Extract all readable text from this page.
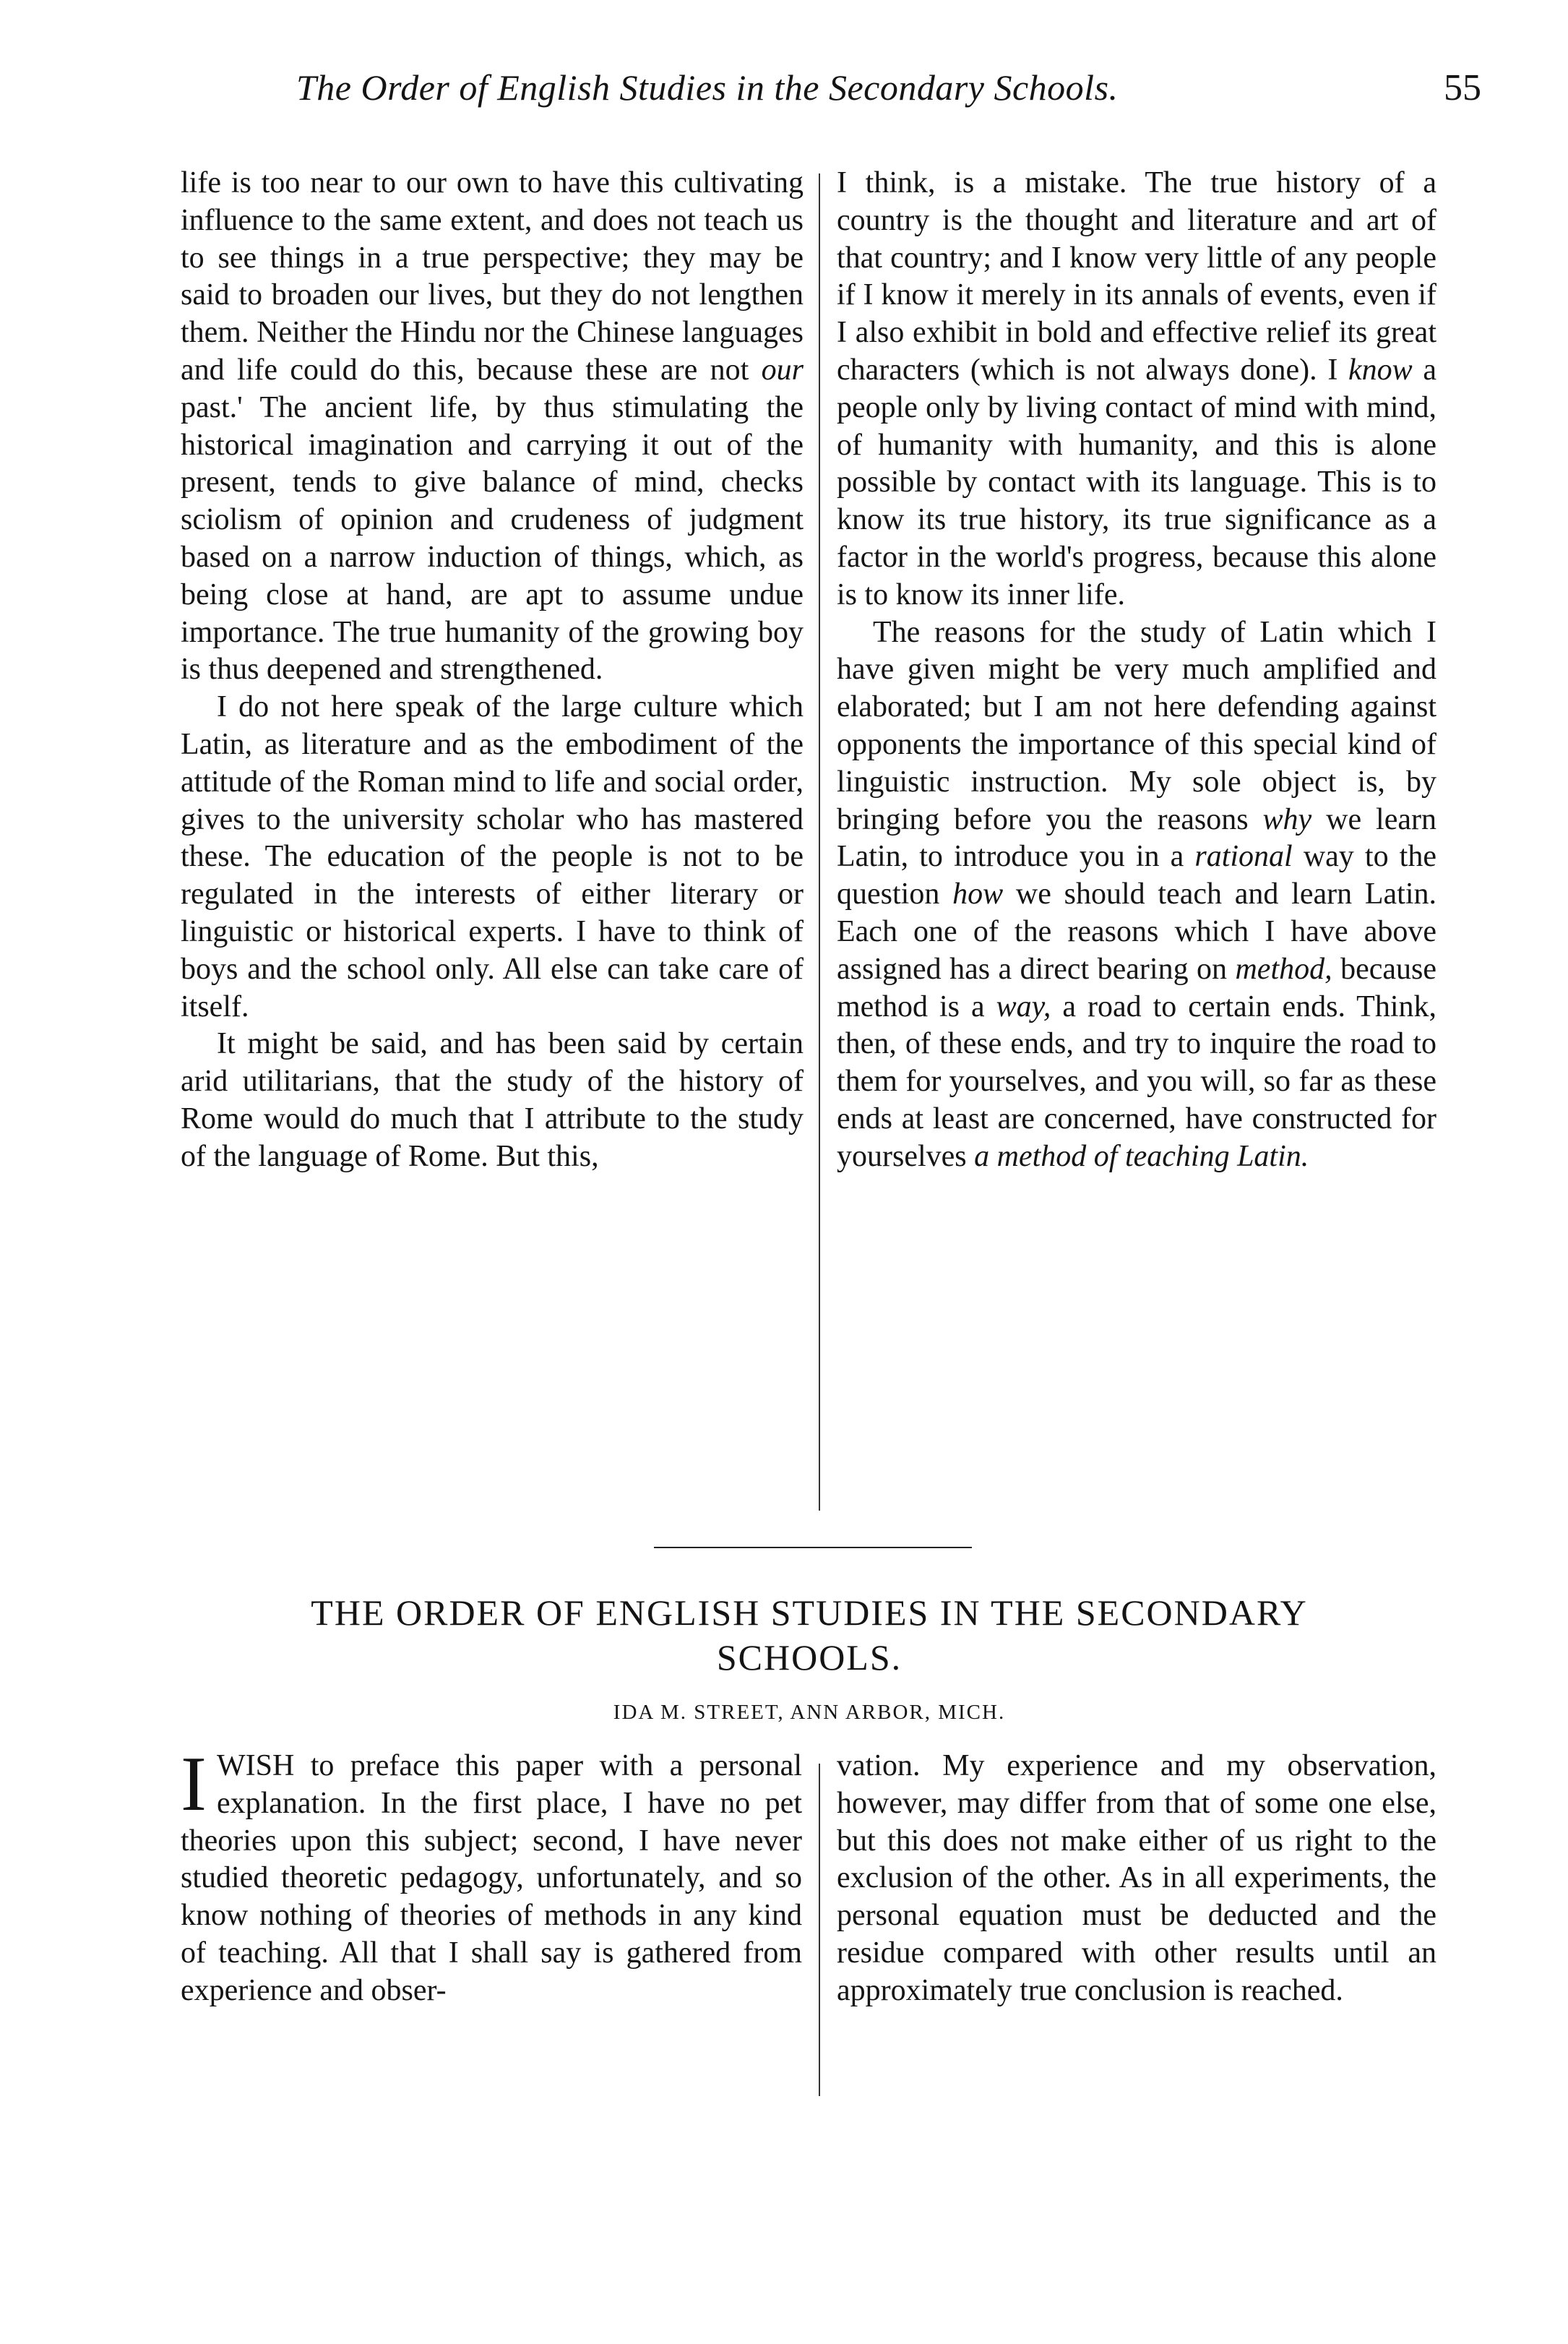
The Order of English Studies in the Secondary Schools.	55

life is too near to our own to have this cultivating influence to the same extent, and does not teach us to see things in a true perspective; they may be said to broaden our lives, but they do not lengthen them. Neither the Hindu nor the Chinese languages and life could do this, because these are not our past.' The ancient life, by thus stimulating the historical imagination and carrying it out of the present, tends to give balance of mind, checks sciolism of opinion and crudeness of judgment based on a narrow induction of things, which, as being close at hand, are apt to assume undue importance. The true humanity of the growing boy is thus deepened and strengthened.

I do not here speak of the large culture which Latin, as literature and as the embodiment of the attitude of the Roman mind to life and social order, gives to the university scholar who has mastered these. The education of the people is not to be regulated in the interests of either literary or linguistic or historical experts. I have to think of boys and the school only. All else can take care of itself.

It might be said, and has been said by certain arid utilitarians, that the study of the history of Rome would do much that I attribute to the study of the language of Rome. But this,

I think, is a mistake. The true history of a country is the thought and literature and art of that country; and I know very little of any people if I know it merely in its annals of events, even if I also exhibit in bold and effective relief its great characters (which is not always done). I know a people only by living contact of mind with mind, of humanity with humanity, and this is alone possible by contact with its language. This is to know its true history, its true significance as a factor in the world's progress, because this alone is to know its inner life.

The reasons for the study of Latin which I have given might be very much amplified and elaborated; but I am not here defending against opponents the importance of this special kind of linguistic instruction. My sole object is, by bringing before you the reasons why we learn Latin, to introduce you in a rational way to the question how we should teach and learn Latin. Each one of the reasons which I have above assigned has a direct bearing on method, because method is a way, a road to certain ends. Think, then, of these ends, and try to inquire the road to them for yourselves, and you will, so far as these ends at least are concerned, have constructed for yourselves a method of teaching Latin.

THE ORDER OF ENGLISH STUDIES IN THE SECONDARY
SCHOOLS.
IDA M. STREET, ANN ARBOR, MICH.

IWISH to preface this paper with a personal explanation. In the first place, I have no pet theories upon this subject; second, I have never studied theoretic pedagogy, unfortunately, and so know nothing of theories of methods in any kind of teaching. All that I shall say is gathered from experience and obser-

vation. My experience and my observation, however, may differ from that of some one else, but this does not make either of us right to the exclusion of the other. As in all experiments, the personal equation must be deducted and the residue compared with other results until an approximately true conclusion is reached.
